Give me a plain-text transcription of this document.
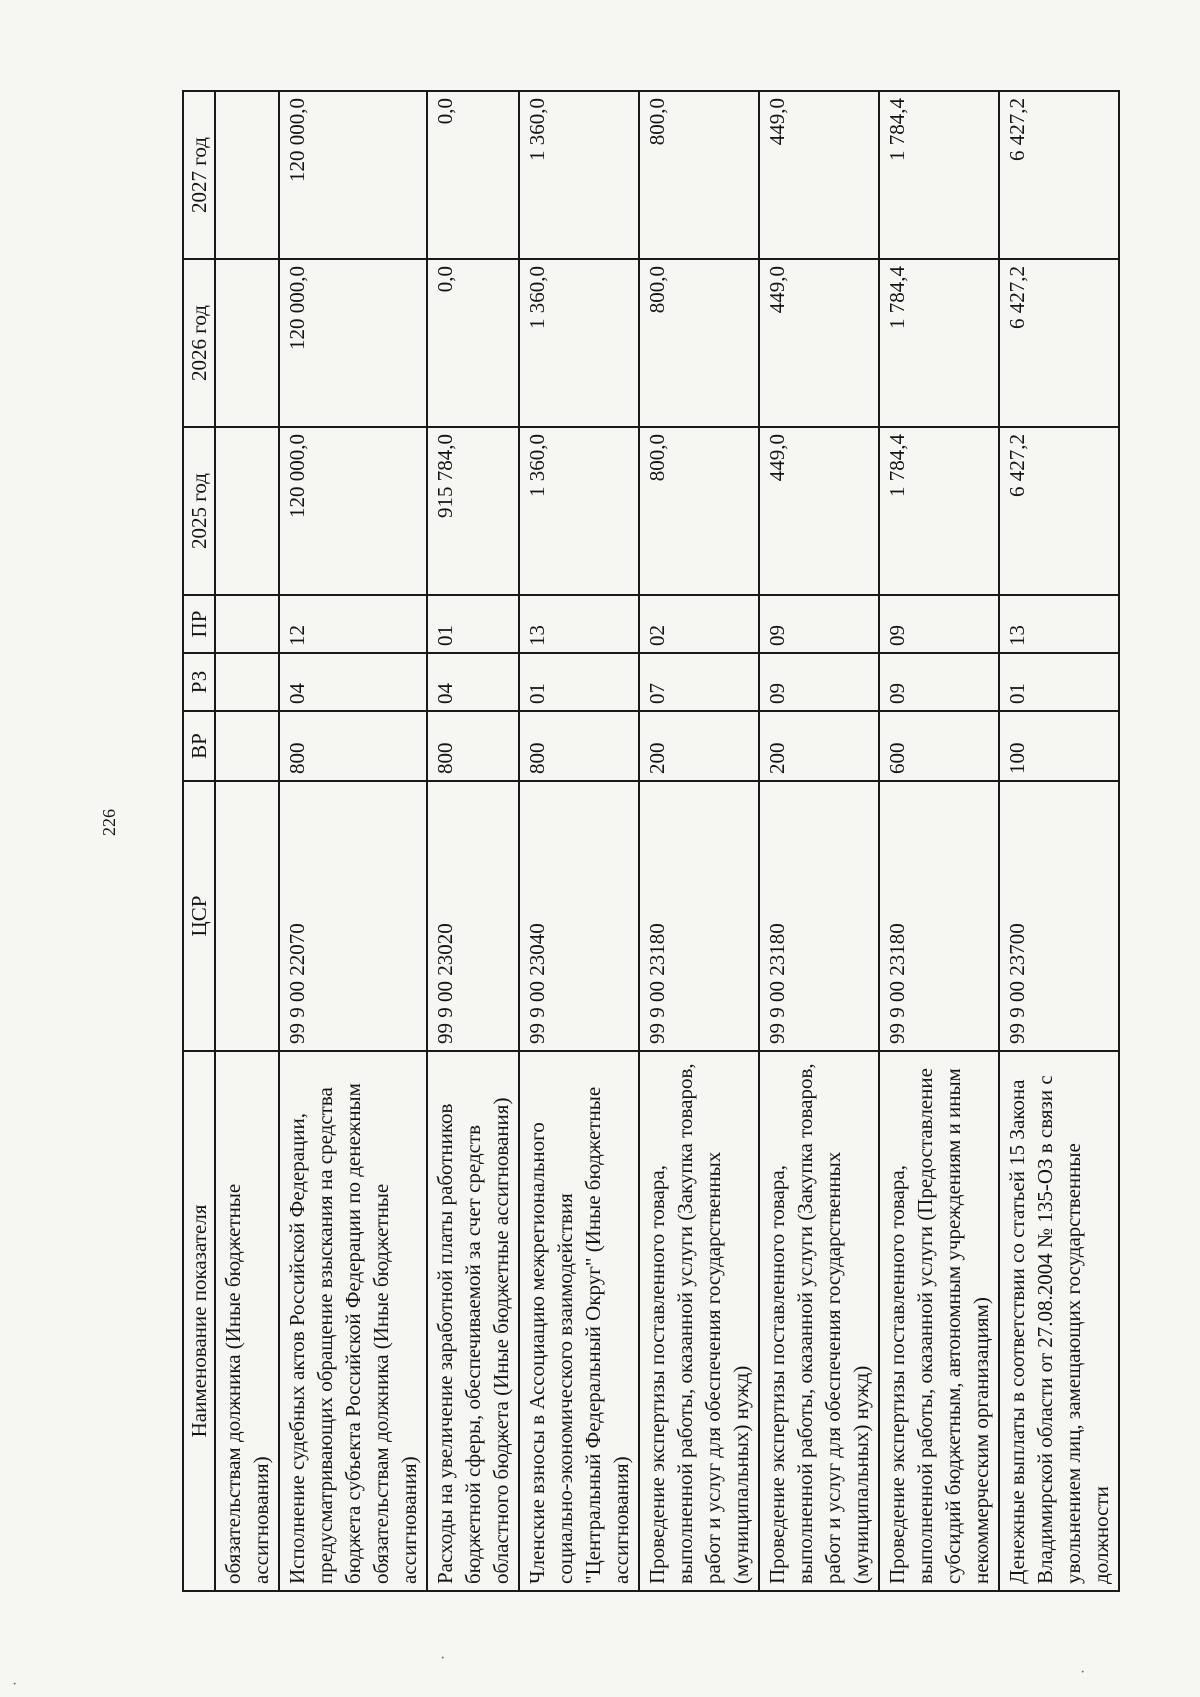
226
·
·
·
Наименование показателя	ЦСР	ВР	РЗ	ПР	2025 год	2026 год	2027 год
обязательствам должника (Иные бюджетные ассигнования)							
Исполнение судебных актов Российской Федерации, предусматривающих обращение взыскания на средства бюджета субъекта Российской Федерации по денежным обязательствам должника (Иные бюджетные ассигнования)	99 9 00 22070	800	04	12	120 000,0	120 000,0	120 000,0
Расходы на увеличение заработной платы работников бюджетной сферы, обеспечиваемой за счет средств областного бюджета (Иные бюджетные ассигнования)	99 9 00 23020	800	04	01	915 784,0	0,0	0,0
Членские взносы в Ассоциацию межрегионального социально-экономического взаимодействия "Центральный Федеральный Округ" (Иные бюджетные ассигнования)	99 9 00 23040	800	01	13	1 360,0	1 360,0	1 360,0
Проведение экспертизы поставленного товара, выполненной работы, оказанной услуги (Закупка товаров, работ и услуг для обеспечения государственных (муниципальных) нужд)	99 9 00 23180	200	07	02	800,0	800,0	800,0
Проведение экспертизы поставленного товара, выполненной работы, оказанной услуги (Закупка товаров, работ и услуг для обеспечения государственных (муниципальных) нужд)	99 9 00 23180	200	09	09	449,0	449,0	449,0
Проведение экспертизы поставленного товара, выполненной работы, оказанной услуги (Предоставление субсидий бюджетным, автономным учреждениям и иным некоммерческим организациям)	99 9 00 23180	600	09	09	1 784,4	1 784,4	1 784,4
Денежные выплаты в соответствии со статьей 15 Закона Владимирской области от 27.08.2004 № 135-ОЗ в связи с увольнением лиц, замещающих государственные должности	99 9 00 23700	100	01	13	6 427,2	6 427,2	6 427,2
